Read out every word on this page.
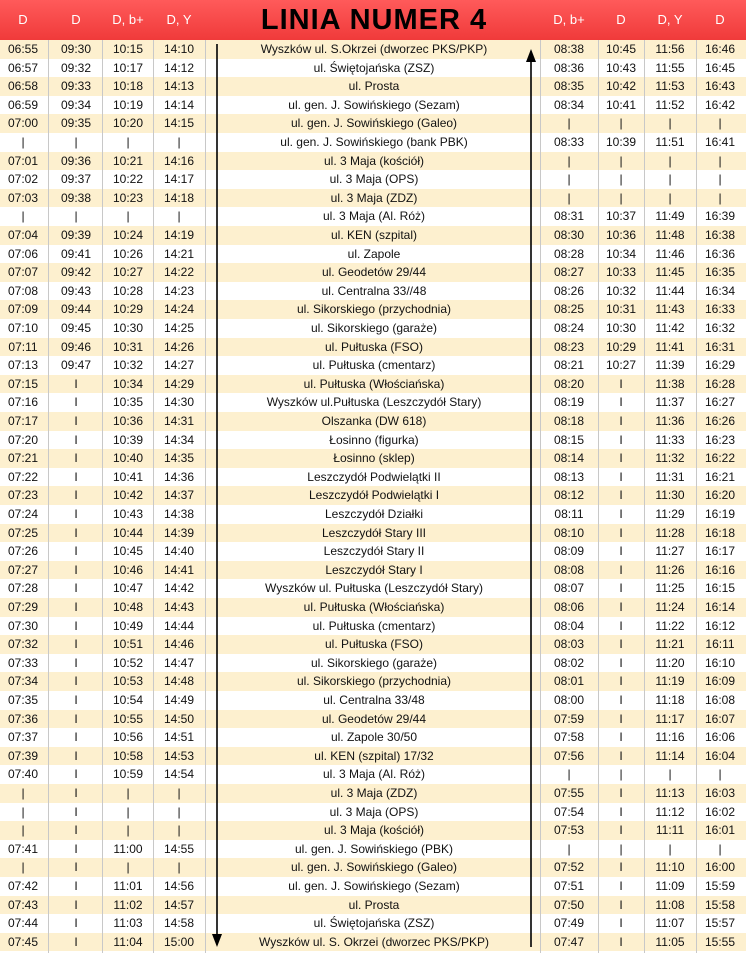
D	D	D, b+	D, Y	LINIA NUMER 4	D, b+	D	D, Y	D
06:55	09:30	10:15	14:10	Wyszków ul. S.Okrzei (dworzec PKS/PKP)	08:38	10:45	11:56	16:46
06:57	09:32	10:17	14:12	ul. Świętojańska (ZSZ)	08:36	10:43	11:55	16:45
06:58	09:33	10:18	14:13	ul. Prosta	08:35	10:42	11:53	16:43
06:59	09:34	10:19	14:14	ul. gen. J. Sowińskiego (Sezam)	08:34	10:41	11:52	16:42
07:00	09:35	10:20	14:15	ul. gen. J. Sowińskiego (Galeo)	|	|	|	|
|	|	|	|	ul. gen. J. Sowińskiego (bank PBK)	08:33	10:39	11:51	16:41
07:01	09:36	10:21	14:16	ul. 3 Maja (kościół)	|	|	|	|
07:02	09:37	10:22	14:17	ul. 3 Maja (OPS)	|	|	|	|
07:03	09:38	10:23	14:18	ul. 3 Maja (ZDZ)	|	|	|	|
|	|	|	|	ul. 3 Maja (Al. Róż)	08:31	10:37	11:49	16:39
07:04	09:39	10:24	14:19	ul. KEN (szpital)	08:30	10:36	11:48	16:38
07:06	09:41	10:26	14:21	ul. Zapole	08:28	10:34	11:46	16:36
07:07	09:42	10:27	14:22	ul. Geodetów 29/44	08:27	10:33	11:45	16:35
07:08	09:43	10:28	14:23	ul. Centralna 33//48	08:26	10:32	11:44	16:34
07:09	09:44	10:29	14:24	ul. Sikorskiego (przychodnia)	08:25	10:31	11:43	16:33
07:10	09:45	10:30	14:25	ul. Sikorskiego (garaże)	08:24	10:30	11:42	16:32
07:11	09:46	10:31	14:26	ul. Pułtuska (FSO)	08:23	10:29	11:41	16:31
07:13	09:47	10:32	14:27	ul. Pułtuska (cmentarz)	08:21	10:27	11:39	16:29
07:15	I	10:34	14:29	ul. Pułtuska (Włościańska)	08:20	I	11:38	16:28
07:16	I	10:35	14:30	Wyszków ul.Pułtuska (Leszczydół Stary)	08:19	I	11:37	16:27
07:17	I	10:36	14:31	Olszanka (DW 618)	08:18	I	11:36	16:26
07:20	I	10:39	14:34	Łosinno (figurka)	08:15	I	11:33	16:23
07:21	I	10:40	14:35	Łosinno (sklep)	08:14	I	11:32	16:22
07:22	I	10:41	14:36	Leszczydół Podwielątki II	08:13	I	11:31	16:21
07:23	I	10:42	14:37	Leszczydół Podwielątki I	08:12	I	11:30	16:20
07:24	I	10:43	14:38	Leszczydół Działki	08:11	I	11:29	16:19
07:25	I	10:44	14:39	Leszczydół Stary III	08:10	I	11:28	16:18
07:26	I	10:45	14:40	Leszczydół Stary II	08:09	I	11:27	16:17
07:27	I	10:46	14:41	Leszczydół Stary I	08:08	I	11:26	16:16
07:28	I	10:47	14:42	Wyszków ul. Pułtuska (Leszczydół Stary)	08:07	I	11:25	16:15
07:29	I	10:48	14:43	ul. Pułtuska (Włościańska)	08:06	I	11:24	16:14
07:30	I	10:49	14:44	ul. Pułtuska (cmentarz)	08:04	I	11:22	16:12
07:32	I	10:51	14:46	ul. Pułtuska (FSO)	08:03	I	11:21	16:11
07:33	I	10:52	14:47	ul. Sikorskiego (garaże)	08:02	I	11:20	16:10
07:34	I	10:53	14:48	ul. Sikorskiego (przychodnia)	08:01	I	11:19	16:09
07:35	I	10:54	14:49	ul. Centralna 33/48	08:00	I	11:18	16:08
07:36	I	10:55	14:50	ul. Geodetów 29/44	07:59	I	11:17	16:07
07:37	I	10:56	14:51	ul. Zapole 30/50	07:58	I	11:16	16:06
07:39	I	10:58	14:53	ul. KEN (szpital) 17/32	07:56	I	11:14	16:04
07:40	I	10:59	14:54	ul. 3 Maja (Al. Róż)	|	|	|	|
|	I	|	|	ul. 3 Maja (ZDZ)	07:55	I	11:13	16:03
|	I	|	|	ul. 3 Maja (OPS)	07:54	I	11:12	16:02
|	I	|	|	ul. 3 Maja (kościół)	07:53	I	11:11	16:01
07:41	I	11:00	14:55	ul. gen. J. Sowińskiego (PBK)	|	|	|	|
|	I	|	|	ul. gen. J. Sowińskiego (Galeo)	07:52	I	11:10	16:00
07:42	I	11:01	14:56	ul. gen. J. Sowińskiego (Sezam)	07:51	I	11:09	15:59
07:43	I	11:02	14:57	ul. Prosta	07:50	I	11:08	15:58
07:44	I	11:03	14:58	ul. Świętojańska (ZSZ)	07:49	I	11:07	15:57
07:45	I	11:04	15:00	Wyszków ul. S. Okrzei (dworzec PKS/PKP)	07:47	I	11:05	15:55
